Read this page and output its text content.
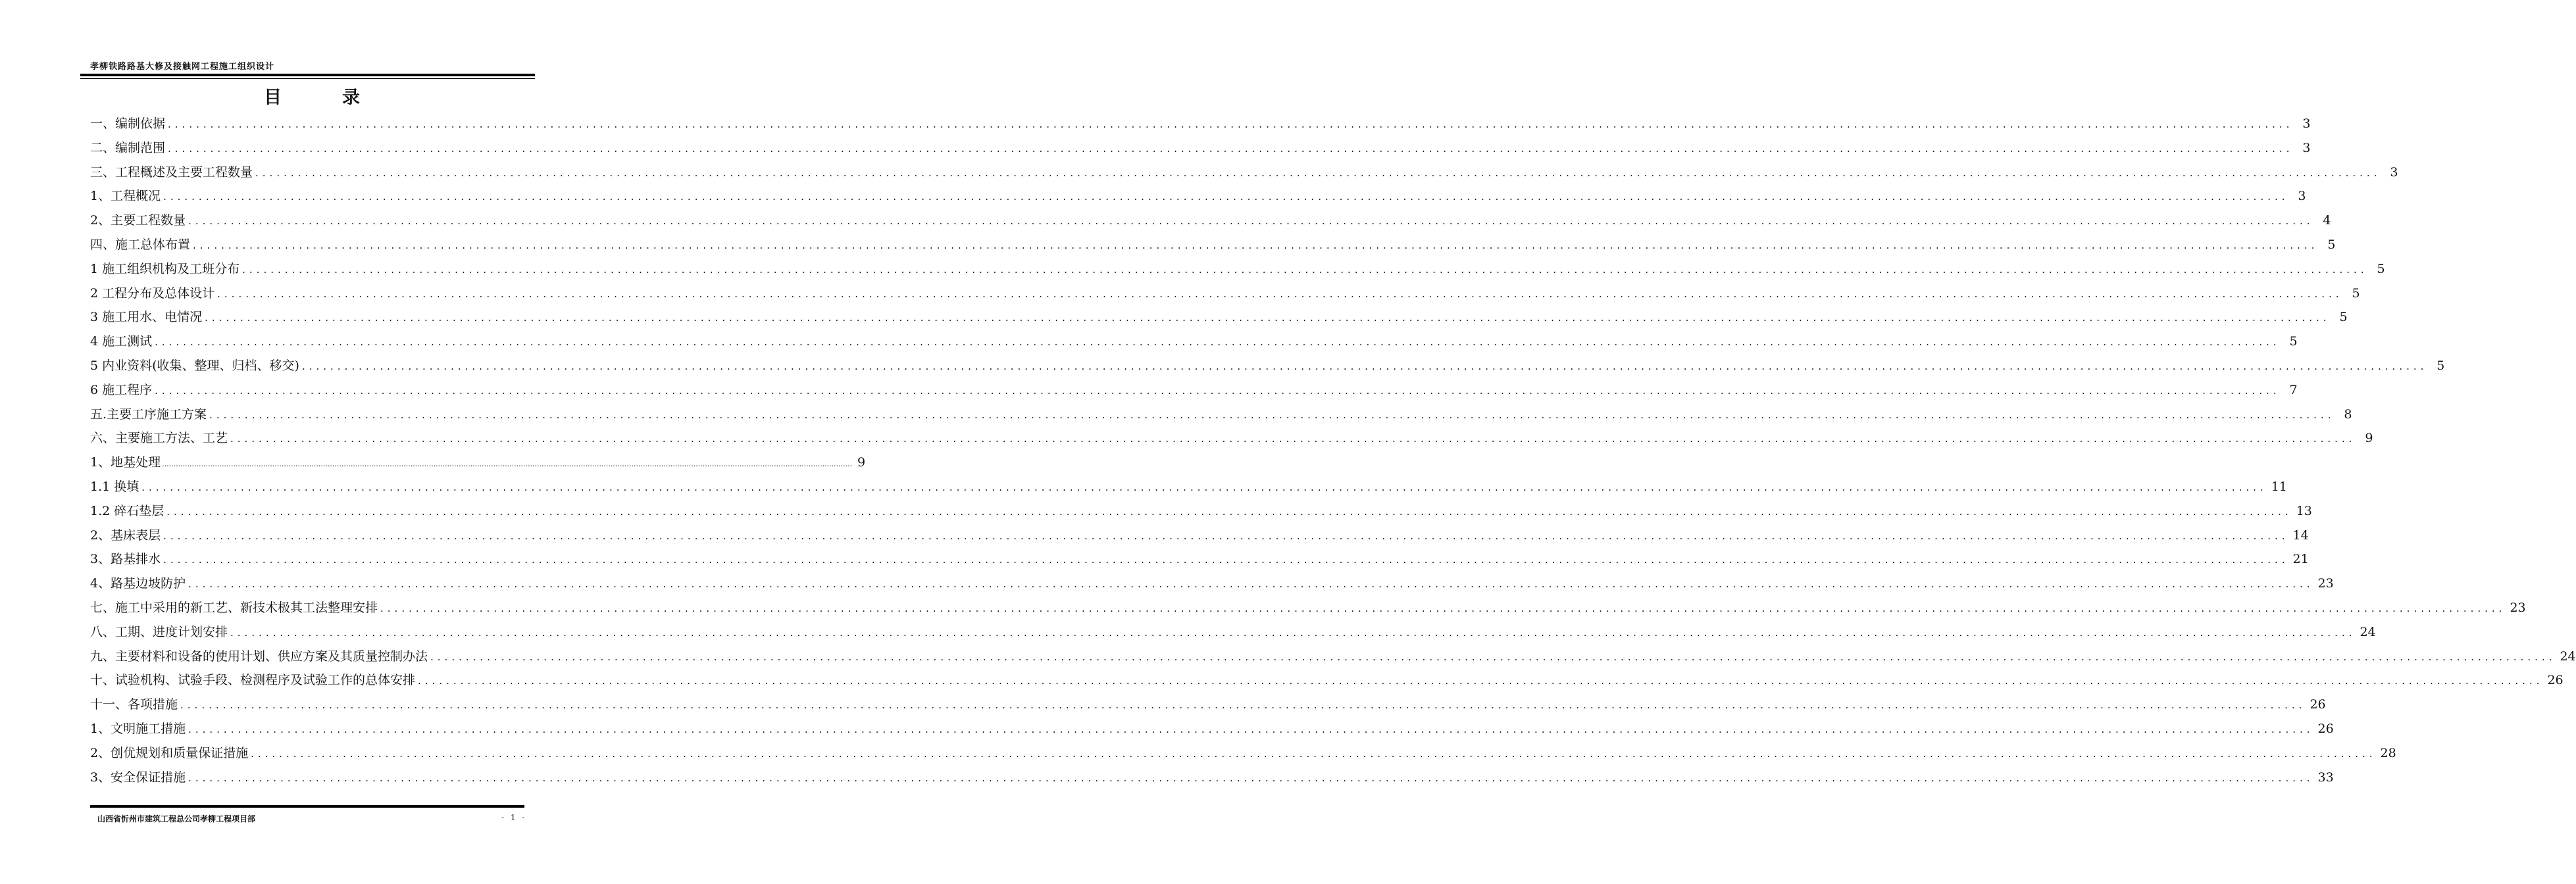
孝柳铁路路基大修及接触网工程施工组织设计
目	录
一、编制依据 ............................................................................................................................................................................................................................................................................................................ 3
二、编制范围 ............................................................................................................................................................................................................................................................................................................ 3
三、工程概述及主要工程数量 ............................................................................................................................................................................................................................................................................................................ 3
1、工程概况 ............................................................................................................................................................................................................................................................................................................ 3
2、主要工程数量 ............................................................................................................................................................................................................................................................................................................ 4
四、施工总体布置 ............................................................................................................................................................................................................................................................................................................ 5
1 施工组织机构及工班分布 ............................................................................................................................................................................................................................................................................................................ 5
2 工程分布及总体设计 ............................................................................................................................................................................................................................................................................................................ 5
3 施工用水、电情况 ............................................................................................................................................................................................................................................................................................................ 5
4 施工测试 ............................................................................................................................................................................................................................................................................................................ 5
5 内业资料(收集、整理、归档、移交) ............................................................................................................................................................................................................................................................................................................ 5
6 施工程序 ............................................................................................................................................................................................................................................................................................................ 7
五.主要工序施工方案 ............................................................................................................................................................................................................................................................................................................ 8
六、主要施工方法、工艺 ............................................................................................................................................................................................................................................................................................................ 9
1、地基处理 ............................................................................................................................................................................................................................................................................................................ 9
1.1 换填 ............................................................................................................................................................................................................................................................................................................ 11
1.2 碎石垫层 ............................................................................................................................................................................................................................................................................................................ 13
2、基床表层 ............................................................................................................................................................................................................................................................................................................ 14
3、路基排水 ............................................................................................................................................................................................................................................................................................................ 21
4、路基边坡防护 ............................................................................................................................................................................................................................................................................................................ 23
七、施工中采用的新工艺、新技术极其工法整理安排 ............................................................................................................................................................................................................................................................................................................ 23
八、工期、进度计划安排 ............................................................................................................................................................................................................................................................................................................ 24
九、主要材料和设备的使用计划、供应方案及其质量控制办法 ............................................................................................................................................................................................................................................................................................................ 24
十、试验机构、试验手段、检测程序及试验工作的总体安排 ............................................................................................................................................................................................................................................................................................................ 26
十一、各项措施 ............................................................................................................................................................................................................................................................................................................ 26
1、文明施工措施 ............................................................................................................................................................................................................................................................................................................ 26
2、创优规划和质量保证措施 ............................................................................................................................................................................................................................................................................................................ 28
3、安全保证措施 ............................................................................................................................................................................................................................................................................................................ 33
山西省忻州市建筑工程总公司孝柳工程项目部	- 1 -
